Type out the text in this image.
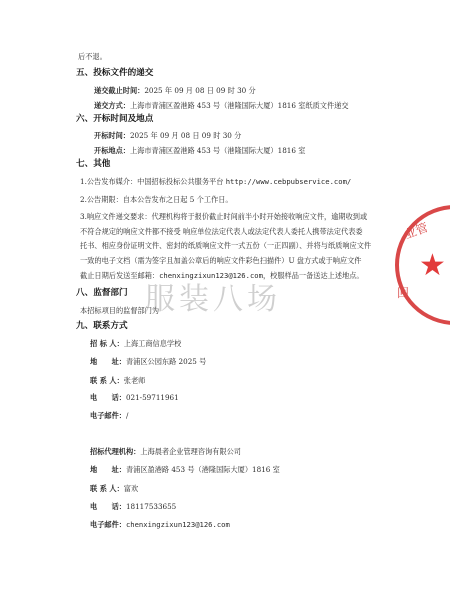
后不退。
五、投标文件的递交
递交截止时间：2025 年 09 月 08 日 09 时 30 分
递交方式：上海市青浦区盈港路 453 号（港隆国际大厦）1816 室纸质文件递交
六、开标时间及地点
开标时间：2025 年 09 月 08 日 09 时 30 分
开标地点：上海市青浦区盈港路 453 号（港隆国际大厦）1816 室
七、其他
1.公告发布媒介：中国招标投标公共服务平台 http://www.cebpubservice.com/
2.公告期限：自本公告发布之日起 5 个工作日。
3.响应文件递交要求：代理机构将于报价截止时间前半小时开始接收响应文件，逾期收到或
不符合规定的响应文件都不接受 响应单位法定代表人或法定代表人委托人携带法定代表委
托书、相应身份证明文件、密封的纸质响应文件一式五份（一正四副）、并将与纸质响应文件
一致的电子文档（需为签字且加盖公章后的响应文件彩色扫描件）U 盘方式或于响应文件
截止日期后发送至邮箱：chenxingzixun123@126.com，校服样品一备送达上述地点。
八、监督部门
本招标项目的监督部门为
九、联系方式
招 标 人：上海工商信息学校
地　　址：青浦区公园东路 2025 号
联 系 人：张老师
电　　话：021-59711961
电子邮件：/
招标代理机构：上海晨者企业管理咨询有限公司
地　　址：青浦区盈港路 453 号（港隆国际大厦）1816 室
联 系 人：富欢
电　　话：18117533655
电子邮件：chenxingzixun123@126.com
服装八场
业管
★
回
